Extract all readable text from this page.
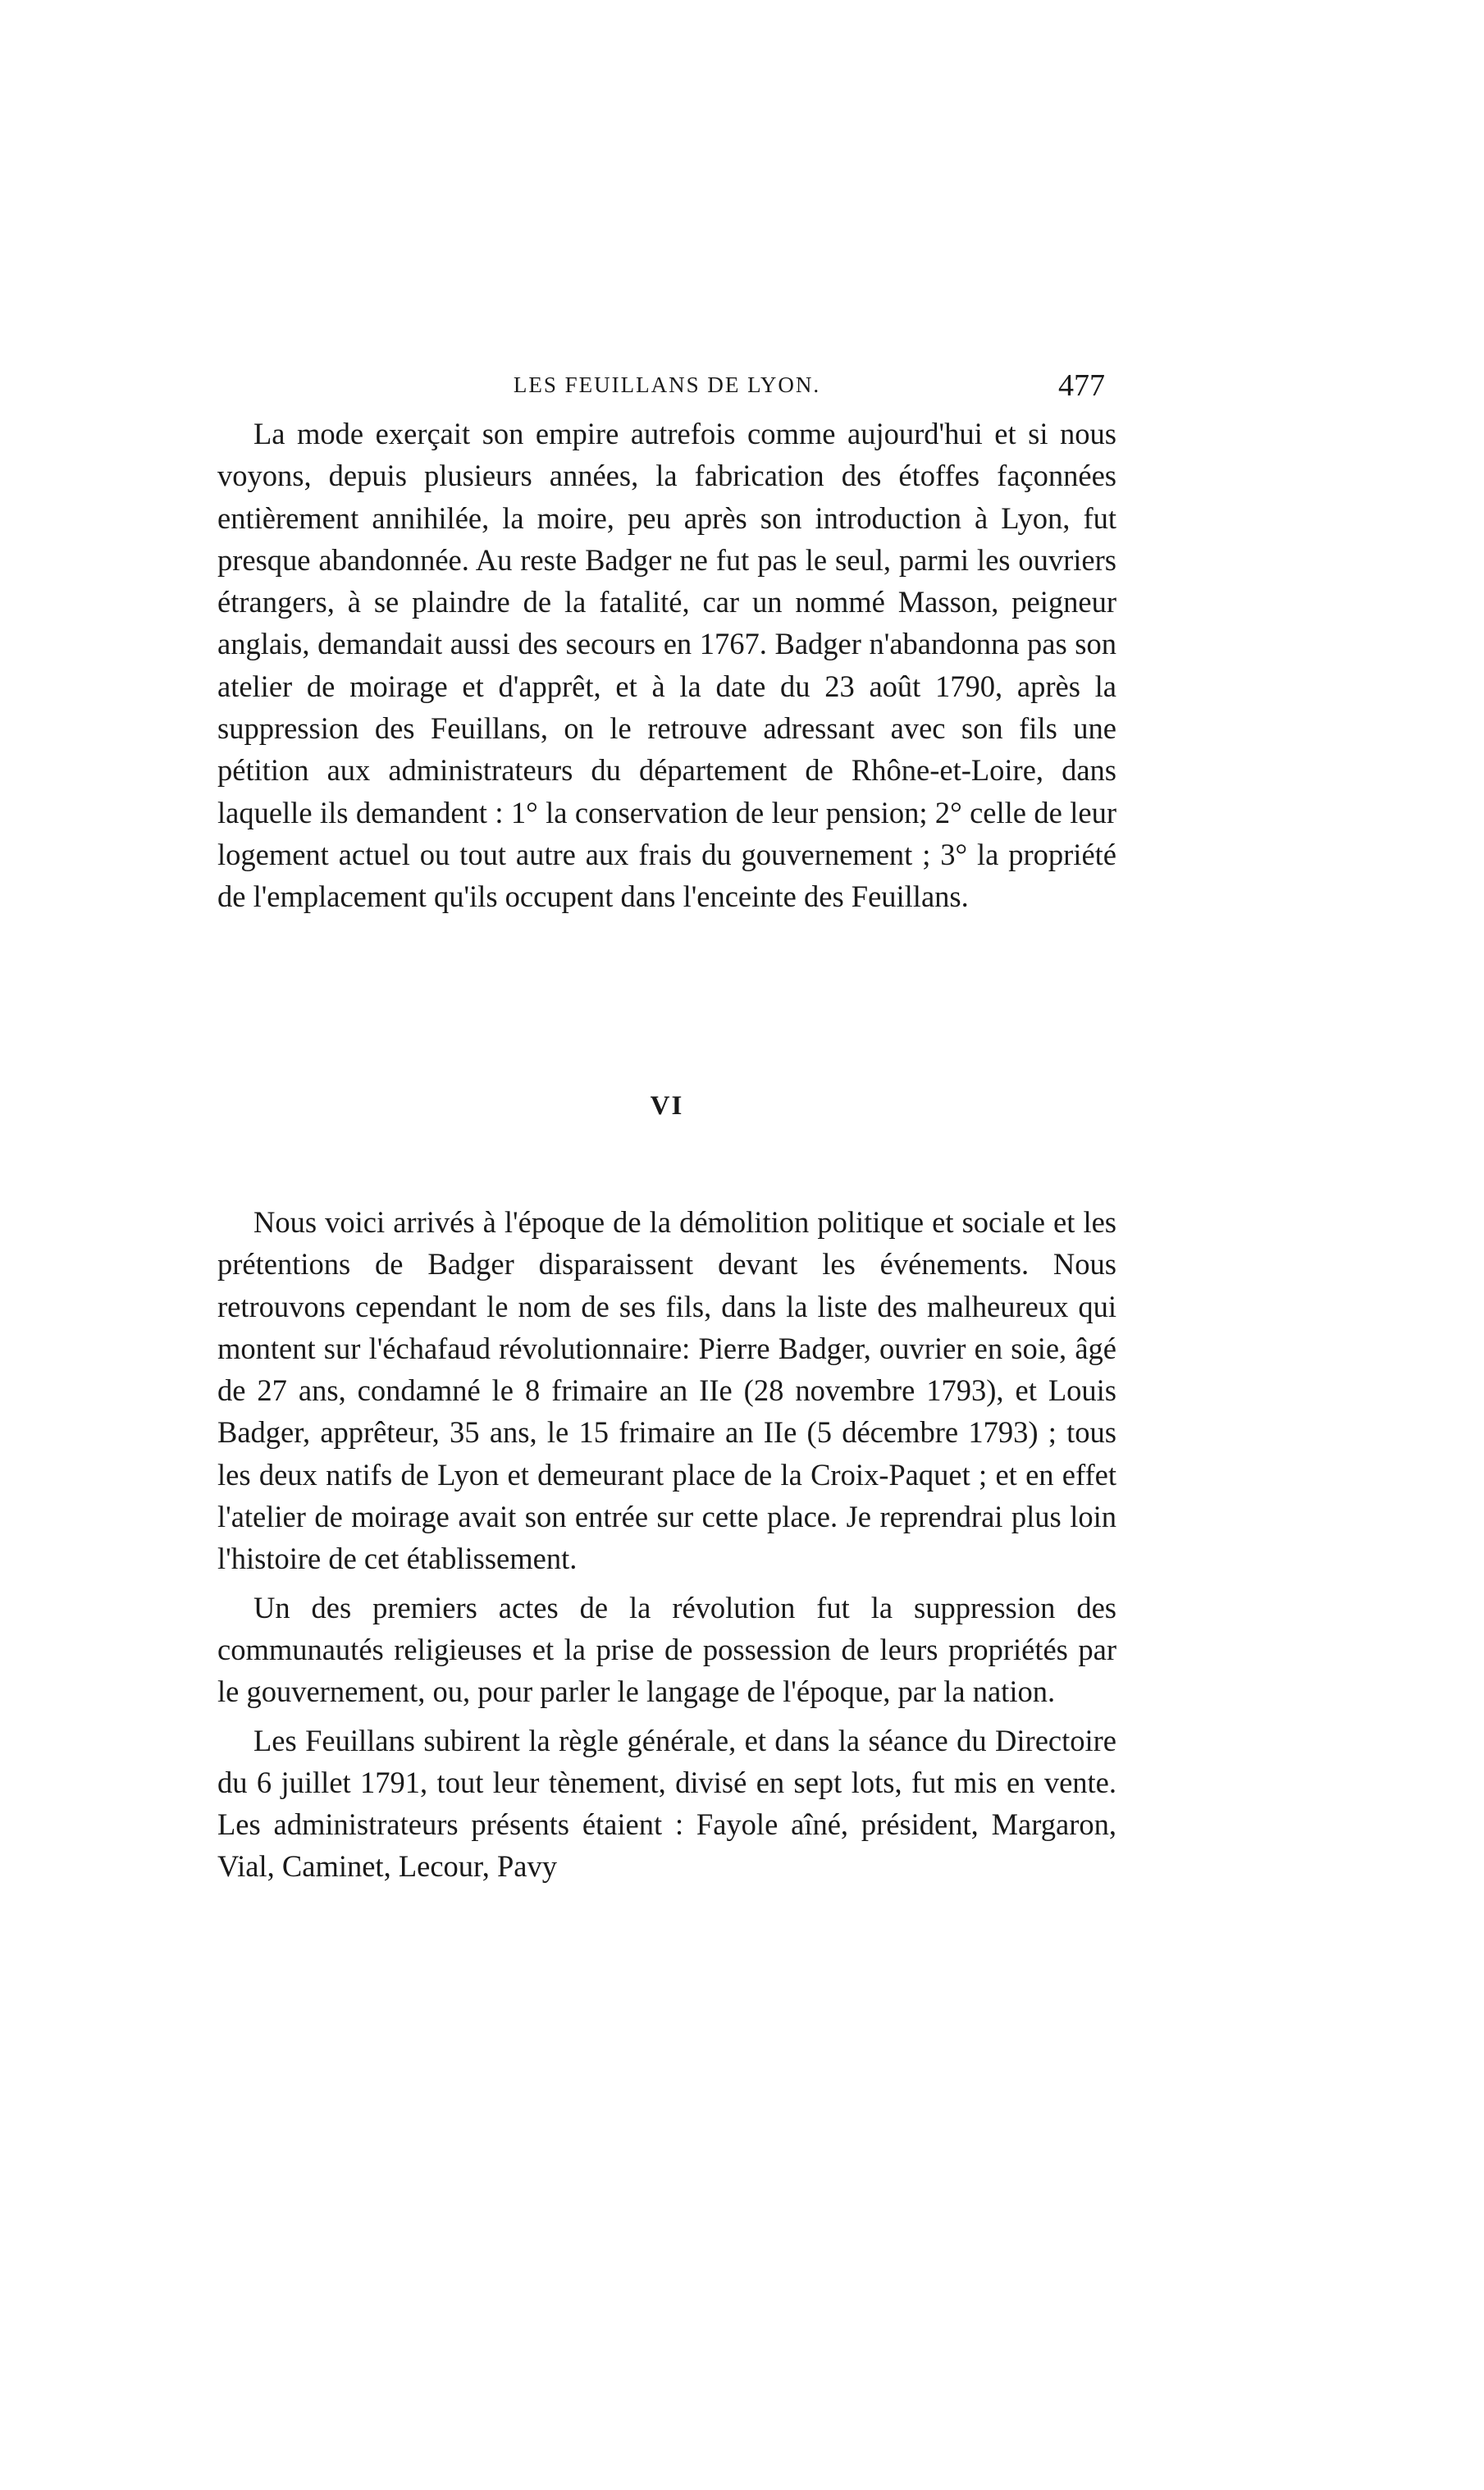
LES FEUILLANS DE LYON.	477

La mode exerçait son empire autrefois comme aujourd'hui et si nous voyons, depuis plusieurs années, la fabrication des étoffes façonnées entièrement annihilée, la moire, peu après son introduction à Lyon, fut presque abandonnée. Au reste Badger ne fut pas le seul, parmi les ouvriers étrangers, à se plaindre de la fatalité, car un nommé Masson, peigneur anglais, demandait aussi des secours en 1767. Badger n'abandonna pas son atelier de moirage et d'apprêt, et à la date du 23 août 1790, après la suppression des Feuillans, on le retrouve adressant avec son fils une pétition aux administrateurs du département de Rhône-et-Loire, dans laquelle ils demandent : 1° la conservation de leur pension; 2° celle de leur logement actuel ou tout autre aux frais du gouvernement ; 3° la propriété de l'emplacement qu'ils occupent dans l'enceinte des Feuillans.

VI

Nous voici arrivés à l'époque de la démolition politique et sociale et les prétentions de Badger disparaissent devant les événements. Nous retrouvons cependant le nom de ses fils, dans la liste des malheureux qui montent sur l'échafaud révolutionnaire: Pierre Badger, ouvrier en soie, âgé de 27 ans, condamné le 8 frimaire an IIe (28 novembre 1793), et Louis Badger, apprêteur, 35 ans, le 15 frimaire an IIe (5 décembre 1793) ; tous les deux natifs de Lyon et demeurant place de la Croix-Paquet ; et en effet l'atelier de moirage avait son entrée sur cette place. Je reprendrai plus loin l'histoire de cet établissement.

Un des premiers actes de la révolution fut la suppression des communautés religieuses et la prise de possession de leurs propriétés par le gouvernement, ou, pour parler le langage de l'époque, par la nation.

Les Feuillans subirent la règle générale, et dans la séance du Directoire du 6 juillet 1791, tout leur tènement, divisé en sept lots, fut mis en vente. Les administrateurs présents étaient : Fayole aîné, président, Margaron, Vial, Caminet, Lecour, Pavy
